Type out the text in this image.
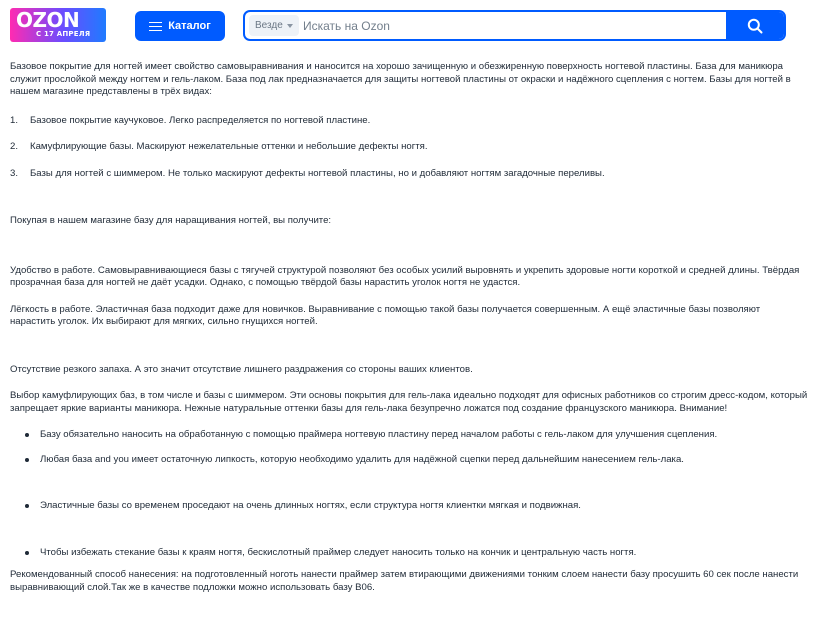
OZON
С 17 АПРЕЛЯ
Каталог	Везде
Искать на Ozon

Базовое покрытие для ногтей имеет свойство самовыравнивания и наносится на хорошо зачищенную и обезжиренную поверхность ногтевой пластины. База для маникюра служит прослойкой между ногтем и гель-лаком. База под лак предназначается для защиты ногтевой пластины от окраски и надёжного сцепления с ногтем. Базы для ногтей в нашем магазине представлены в трёх видах:

1. Базовое покрытие каучуковое. Легко распределяется по ногтевой пластине.
2. Камуфлирующие базы. Маскируют нежелательные оттенки и небольшие дефекты ногтя.
3. Базы для ногтей с шиммером. Не только маскируют дефекты ногтевой пластины, но и добавляют ногтям загадочные переливы.

Покупая в нашем магазине базу для наращивания ногтей, вы получите:

Удобство в работе. Самовыравнивающиеся базы с тягучей структурой позволяют без особых усилий выровнять и укрепить здоровые ногти короткой и средней длины. Твёрдая прозрачная база для ногтей не даёт усадки. Однако, с помощью твёрдой базы нарастить уголок ногтя не удастся.

Лёгкость в работе. Эластичная база подходит даже для новичков. Выравнивание с помощью такой базы получается совершенным. А ещё эластичные базы позволяют нарастить уголок. Их выбирают для мягких, сильно гнущихся ногтей.

Отсутствие резкого запаха. А это значит отсутствие лишнего раздражения со стороны ваших клиентов.

Выбор камуфлирующих баз, в том числе и базы с шиммером. Эти основы покрытия для гель-лака идеально подходят для офисных работников со строгим дресс-кодом, который запрещает яркие варианты маникюра. Нежные натуральные оттенки базы для гель-лака безупречно ложатся под создание французского маникюра. Внимание!

Базу обязательно наносить на обработанную с помощью праймера ногтевую пластину перед началом работы с гель-лаком для улучшения сцепления.
Любая база and you имеет остаточную липкость, которую необходимо удалить для надёжной сцепки перед дальнейшим нанесением гель-лака.
Эластичные базы со временем проседают на очень длинных ногтях, если структура ногтя клиентки мягкая и подвижная.
Чтобы избежать стекание базы к краям ногтя, бескислотный праймер следует наносить только на кончик и центральную часть ногтя.

Рекомендованный способ нанесения: на подготовленный ноготь нанести праймер затем втирающими движениями тонким слоем нанести базу просушить 60 сек после нанести выравнивающий слой.Так же в качестве подложки можно использовать базу B06.
